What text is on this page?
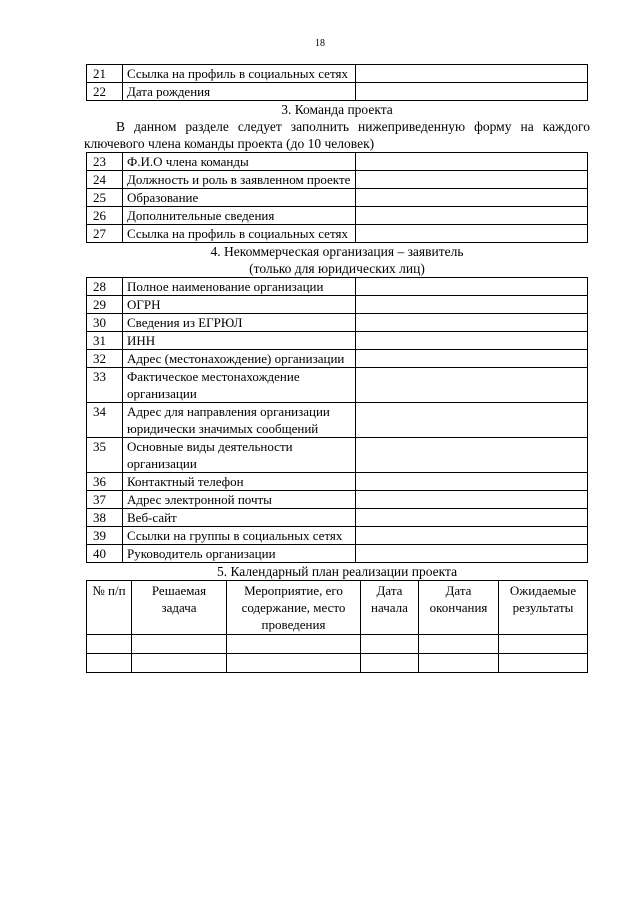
18
21	Ссылка на профиль в социальных сетях	
22	Дата рождения	
3. Команда проекта
В данном разделе следует заполнить нижеприведенную форму на каждого ключевого члена команды проекта (до 10 человек)
23	Ф.И.О члена команды	
24	Должность и роль в заявленном проекте	
25	Образование	
26	Дополнительные сведения	
27	Ссылка на профиль в социальных сетях	
4. Некоммерческая организация – заявитель
(только для юридических лиц)
28	Полное наименование организации	
29	ОГРН	
30	Сведения из ЕГРЮЛ	
31	ИНН	
32	Адрес (местонахождение) организации	
33	Фактическое местонахождение организации	
34	Адрес для направления организации юридически значимых сообщений	
35	Основные виды деятельности организации	
36	Контактный телефон	
37	Адрес электронной почты	
38	Веб-сайт	
39	Ссылки на группы в социальных сетях	
40	Руководитель организации	
5. Календарный план реализации проекта
№ п/п	Решаемая задача	Мероприятие, его содержание, место проведения	Дата начала	Дата окончания	Ожидаемые результаты
